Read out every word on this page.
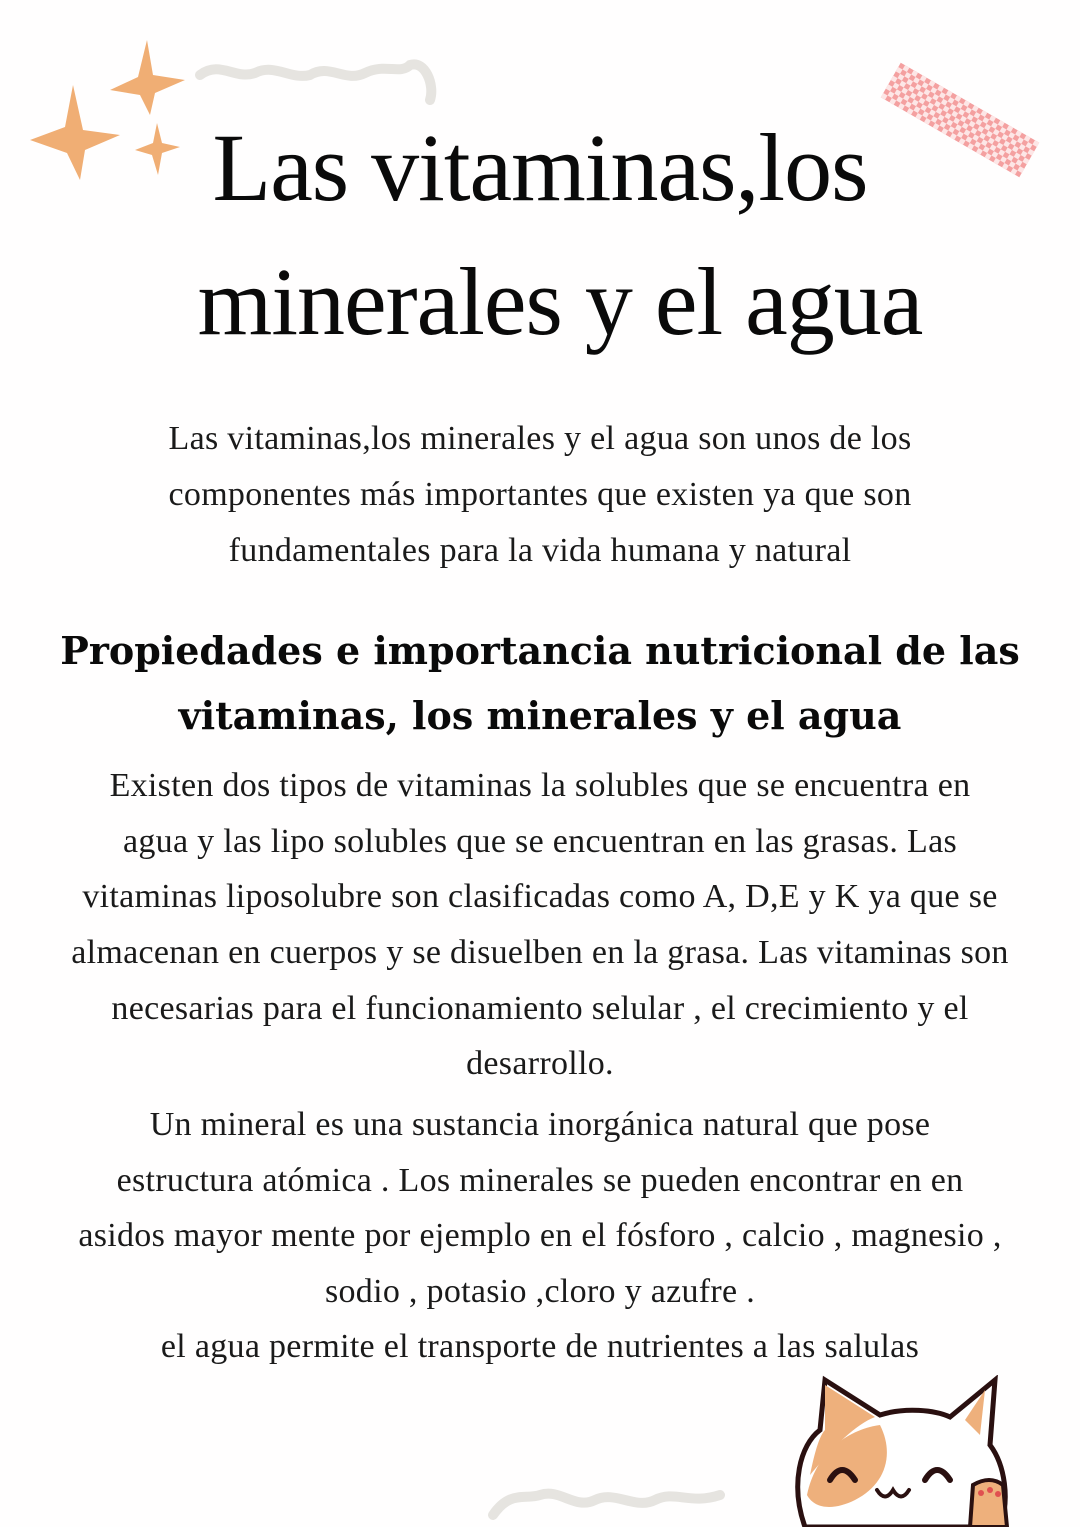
Las vitaminas,los
minerales y el agua
Las vitaminas,los minerales y el agua son unos de los
componentes más importantes que existen ya que son
fundamentales para la vida humana y natural
Propiedades e importancia nutricional de las
vitaminas, los minerales y el agua
Existen dos tipos de vitaminas la solubles que se encuentra en
agua y las lipo solubles que se encuentran en las grasas. Las
vitaminas liposolubre son clasificadas como A, D,E y K ya que se
almacenan en cuerpos y se disuelben en la grasa. Las vitaminas son
necesarias para el funcionamiento selular , el crecimiento y el
desarrollo.
Un mineral es una sustancia inorgánica natural que pose
estructura atómica . Los minerales se pueden encontrar en en
asidos mayor mente por ejemplo en el fósforo , calcio , magnesio ,
sodio , potasio ,cloro y azufre .
el agua permite el transporte de nutrientes a las salulas
